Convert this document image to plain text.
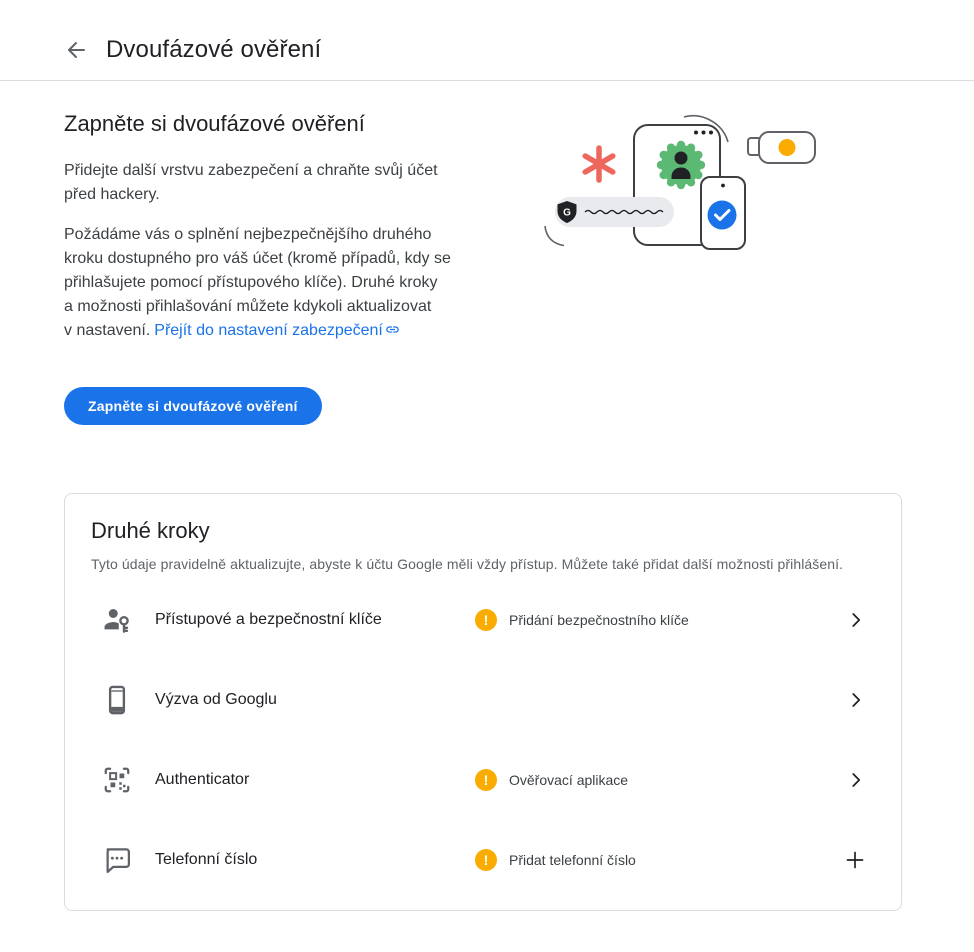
Dvoufázové ověření
Zapněte si dvoufázové ověření

Přidejte další vrstvu zabezpečení a chraňte svůj účet
před hackery.

Požádáme vás o splnění nejbezpečnějšího druhého
kroku dostupného pro váš účet (kromě případů, kdy se
přihlašujete pomocí přístupového klíče). Druhé kroky
a možnosti přihlašování můžete kdykoli aktualizovat
v nastavení. Přejít do nastavení zabezpečení

Zapněte si dvoufázové ověření
G
Druhé kroky
Tyto údaje pravidelně aktualizujte, abyste k účtu Google měli vždy přístup. Můžete také přidat další možnosti přihlášení.
Přístupové a bezpečnostní klíče	!	Přidání bezpečnostního klíče
Výzva od Googlu
Authenticator	!	Ověřovací aplikace
Telefonní číslo	!	Přidat telefonní číslo
